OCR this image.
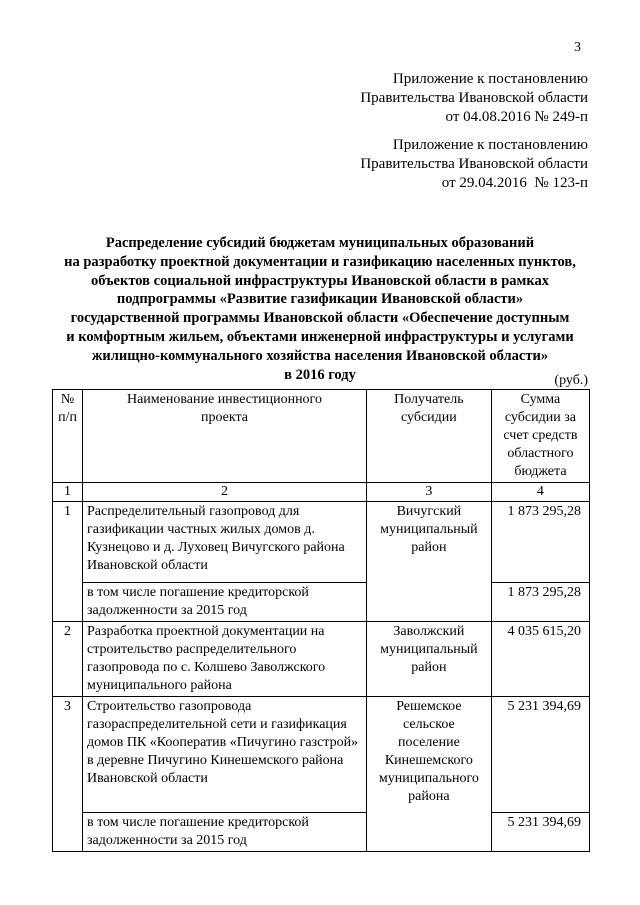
3
Приложение к постановлению
Правительства Ивановской области
от 04.08.2016 № 249-п
Приложение к постановлению
Правительства Ивановской области
от 29.04.2016  № 123-п
Распределение субсидий бюджетам муниципальных образований
на разработку проектной документации и газификацию населенных пунктов,
объектов социальной инфраструктуры Ивановской области в рамках
подпрограммы «Развитие газификации Ивановской области»
государственной программы Ивановской области «Обеспечение доступным
и комфортным жильем, объектами инженерной инфраструктуры и услугами
жилищно-коммунального хозяйства населения Ивановской области»
в 2016 году	(руб.)
№ п/п	Наименование инвестиционного проекта	Получатель субсидии	Сумма субсидии за счет средств областного бюджета
1	2	3	4
1	Распределительный газопровод для газификации частных жилых домов д. Кузнецово и д. Луховец Вичугского района Ивановской области	Вичугский муниципальный район	1 873 295,28
	в том числе погашение кредиторской задолженности за 2015 год		1 873 295,28
2	Разработка проектной документации на строительство распределительного газопровода по с. Колшево Заволжского муниципального района	Заволжский муниципальный район	4 035 615,20
3	Строительство газопровода газораспределительной сети и газификация домов ПК «Кооператив «Пичугино газстрой» в деревне Пичугино Кинешемского района Ивановской области	Решемское сельское поселение Кинешемского муниципального района	5 231 394,69
	в том числе погашение кредиторской задолженности за 2015 год		5 231 394,69
